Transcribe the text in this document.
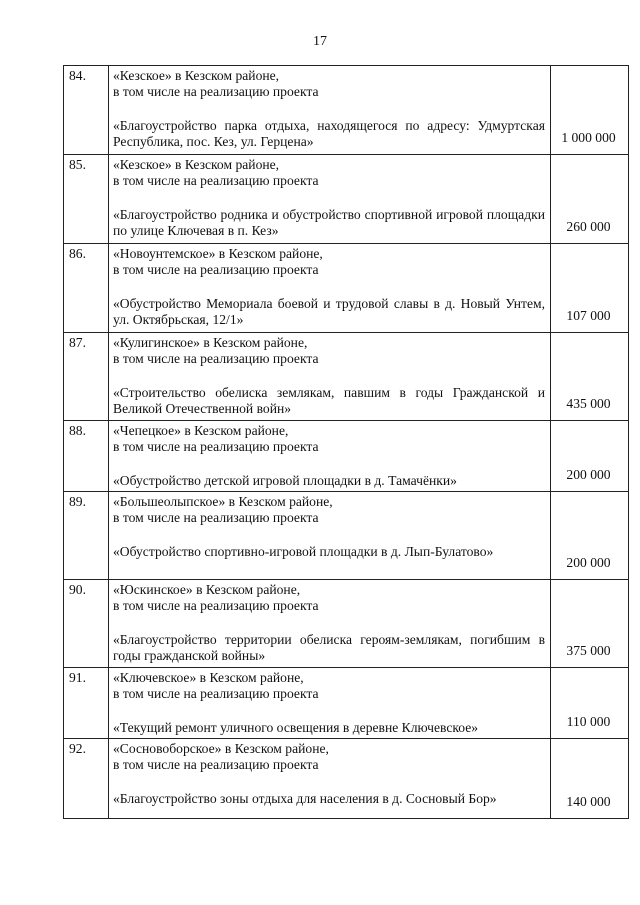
17
84.	«Кезское» в Кезском районе,
в том числе на реализацию проекта
«Благоустройство парка отдыха, находящегося по адресу: Удмуртская Республика, пос. Кез, ул. Герцена»	1 000 000
85.	«Кезское» в Кезском районе,
в том числе на реализацию проекта
«Благоустройство родника и обустройство спортивной игровой площадки по улице Ключевая в п. Кез»	260 000
86.	«Новоунтемское» в Кезском районе,
в том числе на реализацию проекта
«Обустройство Мемориала боевой и трудовой славы в д. Новый Унтем, ул. Октябрьская, 12/1»	107 000
87.	«Кулигинское» в Кезском районе,
в том числе на реализацию проекта
«Строительство обелиска землякам, павшим в годы Гражданской и Великой Отечественной войн»	435 000
88.	«Чепецкое» в Кезском районе,
в том числе на реализацию проекта
«Обустройство детской игровой площадки в д. Тамачёнки»	200 000
89.	«Большеолыпское» в Кезском районе,
в том числе на реализацию проекта
«Обустройство спортивно-игровой площадки в д. Лып-Булатово»	200 000
90.	«Юскинское» в Кезском районе,
в том числе на реализацию проекта
«Благоустройство территории обелиска героям-землякам, погибшим в годы гражданской войны»	375 000
91.	«Ключевское» в Кезском районе,
в том числе на реализацию проекта
«Текущий ремонт уличного освещения в деревне Ключевское»	110 000
92.	«Сосновоборское» в Кезском районе,
в том числе на реализацию проекта
«Благоустройство зоны отдыха для населения в д. Сосновый Бор»	140 000
